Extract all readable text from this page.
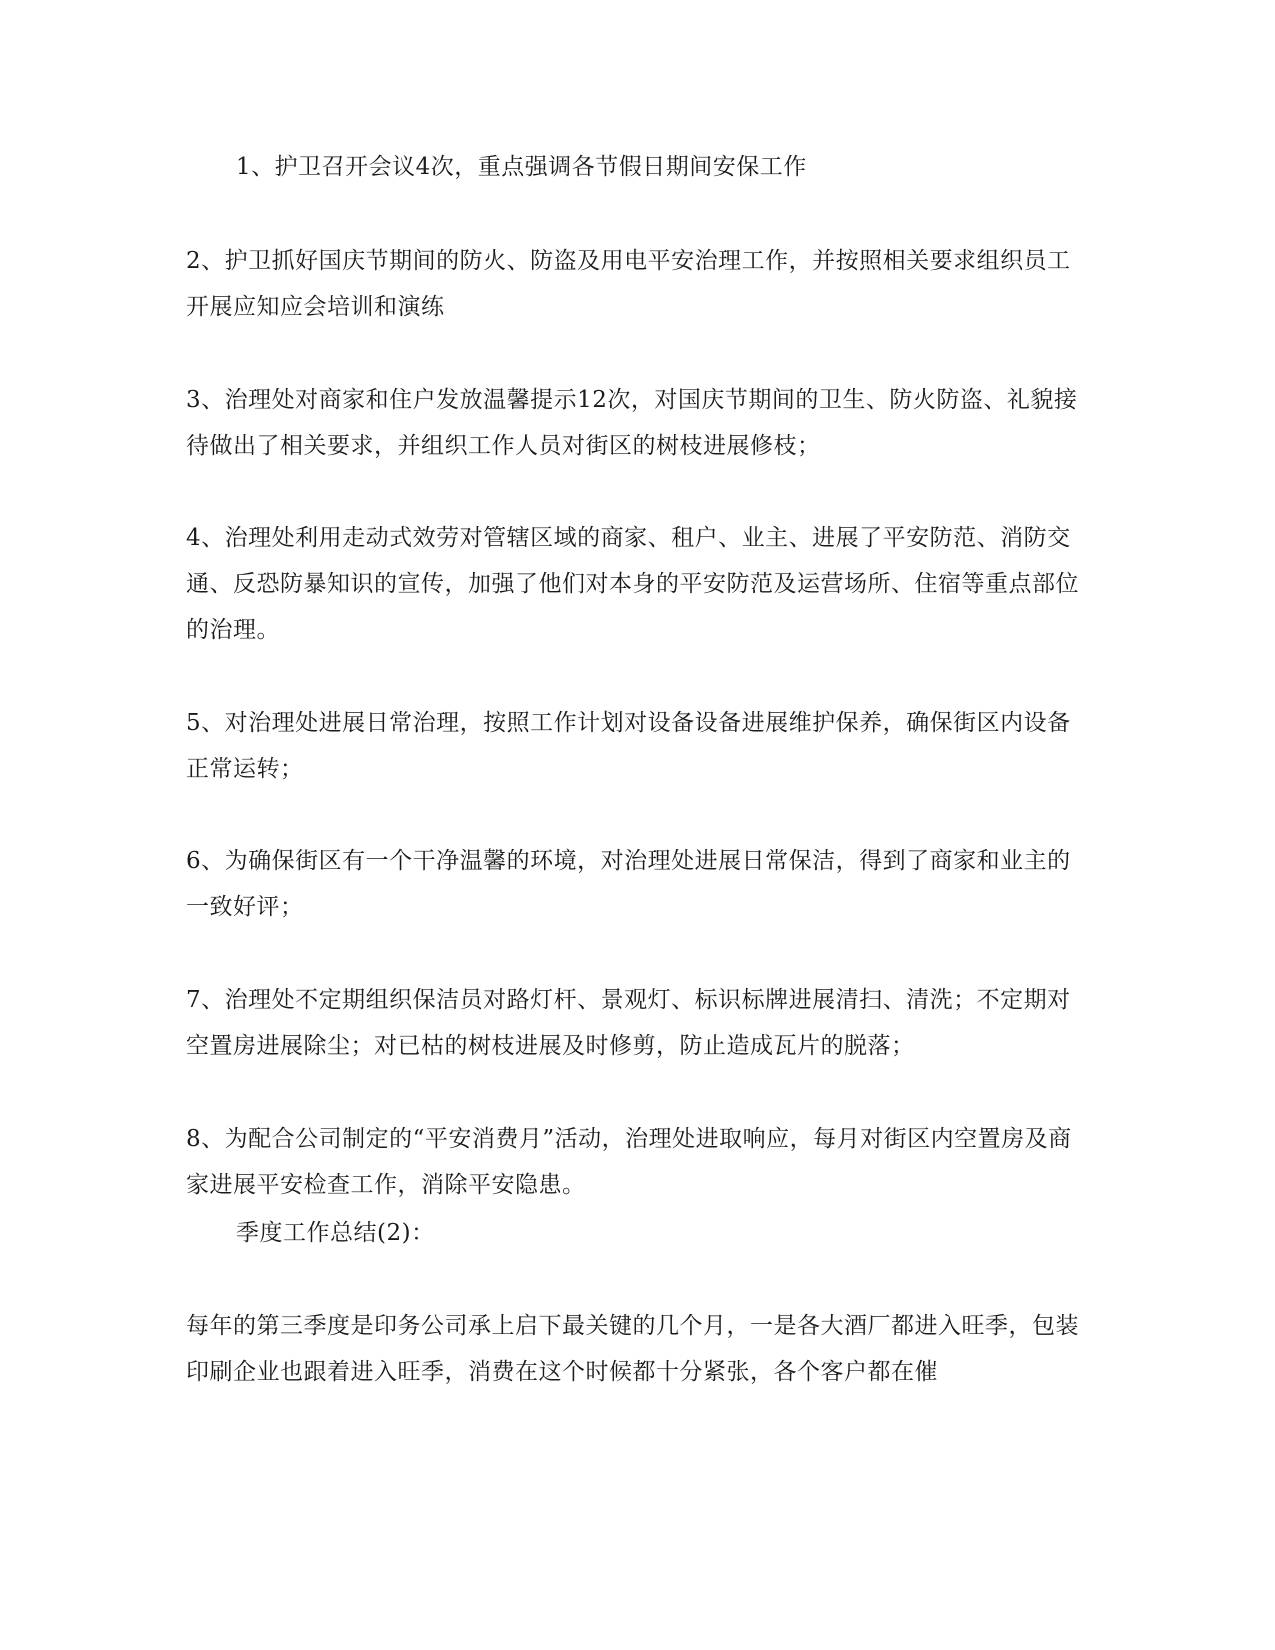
1、护卫召开会议4次，重点强调各节假日期间安保工作

2、护卫抓好国庆节期间的防火、防盗及用电平安治理工作，并按照相关要求组织员工开展应知应会培训和演练

3、治理处对商家和住户发放温馨提示12次，对国庆节期间的卫生、防火防盗、礼貌接待做出了相关要求，并组织工作人员对街区的树枝进展修枝；

4、治理处利用走动式效劳对管辖区域的商家、租户、业主、进展了平安防范、消防交通、反恐防暴知识的宣传，加强了他们对本身的平安防范及运营场所、住宿等重点部位的治理。

5、对治理处进展日常治理，按照工作计划对设备设备进展维护保养，确保街区内设备正常运转；

6、为确保街区有一个干净温馨的环境，对治理处进展日常保洁，得到了商家和业主的一致好评；

7、治理处不定期组织保洁员对路灯杆、景观灯、标识标牌进展清扫、清洗；不定期对空置房进展除尘；对已枯的树枝进展及时修剪，防止造成瓦片的脱落；

8、为配合公司制定的“平安消费月”活动，治理处进取响应，每月对街区内空置房及商家进展平安检查工作，消除平安隐患。

季度工作总结(2)：

每年的第三季度是印务公司承上启下最关键的几个月，一是各大酒厂都进入旺季，包装印刷企业也跟着进入旺季，消费在这个时候都十分紧张，各个客户都在催
